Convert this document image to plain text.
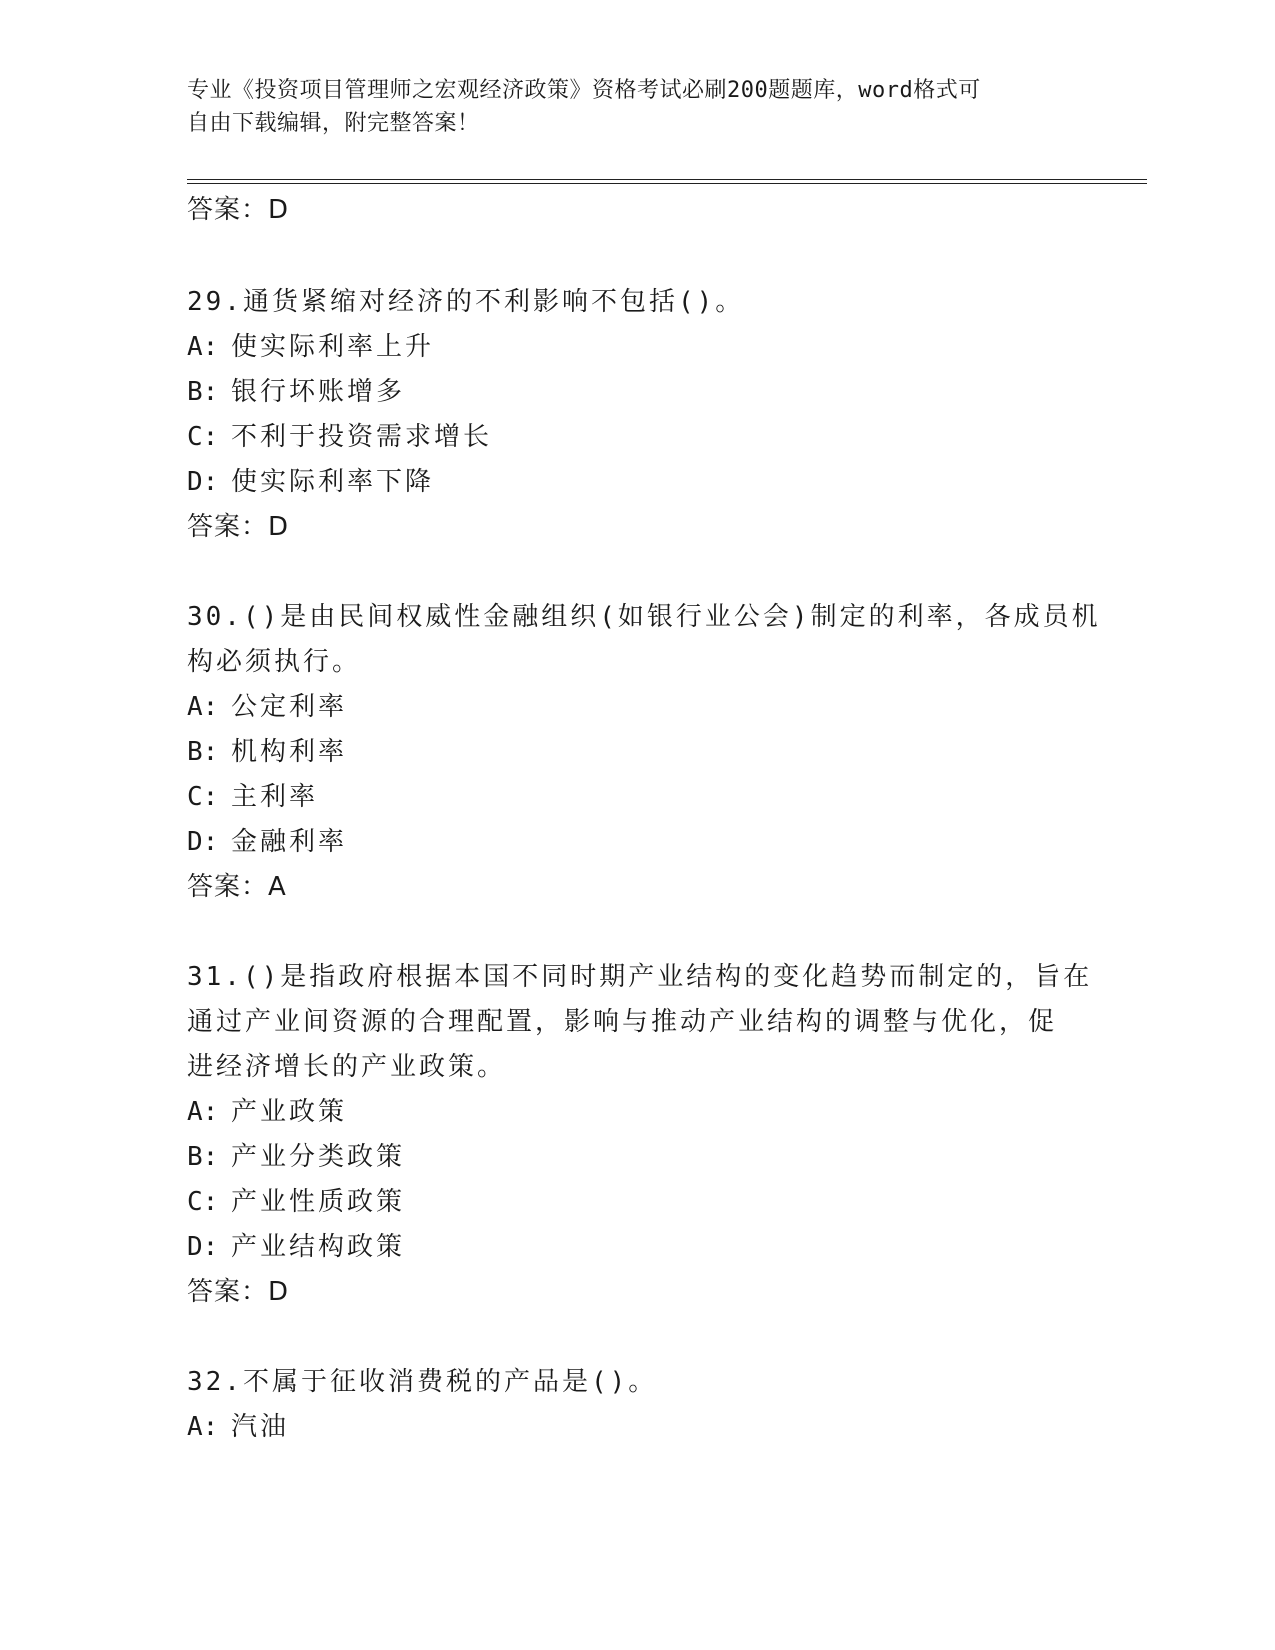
专业《投资项目管理师之宏观经济政策》资格考试必刷200题题库，word格式可
自由下载编辑，附完整答案！
答案：D
29.通货紧缩对经济的不利影响不包括()。
A: 使实际利率上升
B: 银行坏账增多
C: 不利于投资需求增长
D: 使实际利率下降
答案：D
30.()是由民间权威性金融组织(如银行业公会)制定的利率，各成员机
构必须执行。
A: 公定利率
B: 机构利率
C: 主利率
D: 金融利率
答案：A
31.()是指政府根据本国不同时期产业结构的变化趋势而制定的，旨在
通过产业间资源的合理配置，影响与推动产业结构的调整与优化，促
进经济增长的产业政策。
A: 产业政策
B: 产业分类政策
C: 产业性质政策
D: 产业结构政策
答案：D
32.不属于征收消费税的产品是()。
A: 汽油
